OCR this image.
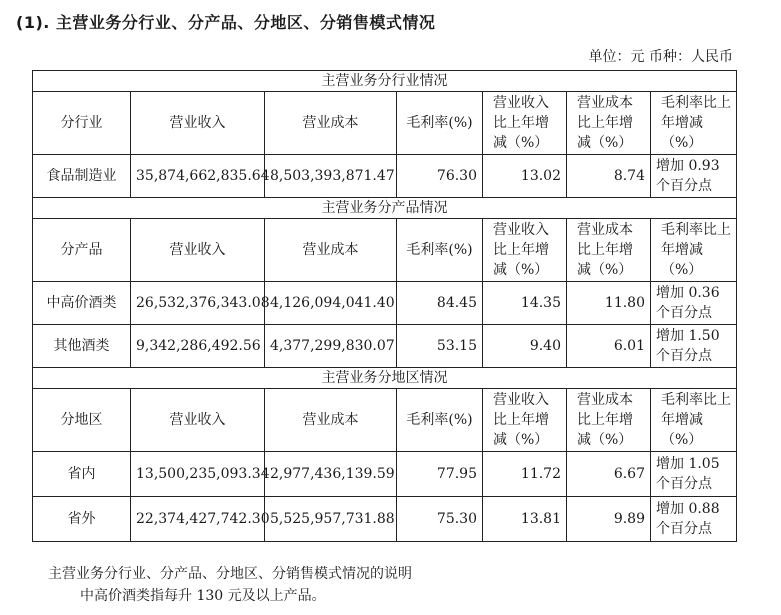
(1). 主营业务分行业、分产品、分地区、分销售模式情况
单位：元 币种：人民币
主营业务分行业情况						
分行业	营业收入	营业成本	毛利率(%)	营业收入比上年增减（%）	营业成本比上年增减（%）	毛利率比上年增减（%）
食品制造业	35,874,662,835.64	8,503,393,871.47	76.30	13.02	8.74	增加 0.93 个百分点
主营业务分产品情况						
分产品	营业收入	营业成本	毛利率(%)	营业收入比上年增减（%）	营业成本比上年增减（%）	毛利率比上年增减（%）
中高价酒类	26,532,376,343.08	4,126,094,041.40	84.45	14.35	11.80	增加 0.36 个百分点
其他酒类	9,342,286,492.56	4,377,299,830.07	53.15	9.40	6.01	增加 1.50 个百分点
主营业务分地区情况						
分地区	营业收入	营业成本	毛利率(%)	营业收入比上年增减（%）	营业成本比上年增减（%）	毛利率比上年增减（%）
省内	13,500,235,093.34	2,977,436,139.59	77.95	11.72	6.67	增加 1.05 个百分点
省外	22,374,427,742.30	5,525,957,731.88	75.30	13.81	9.89	增加 0.88 个百分点
主营业务分行业、分产品、分地区、分销售模式情况的说明
中高价酒类指每升 130 元及以上产品。
